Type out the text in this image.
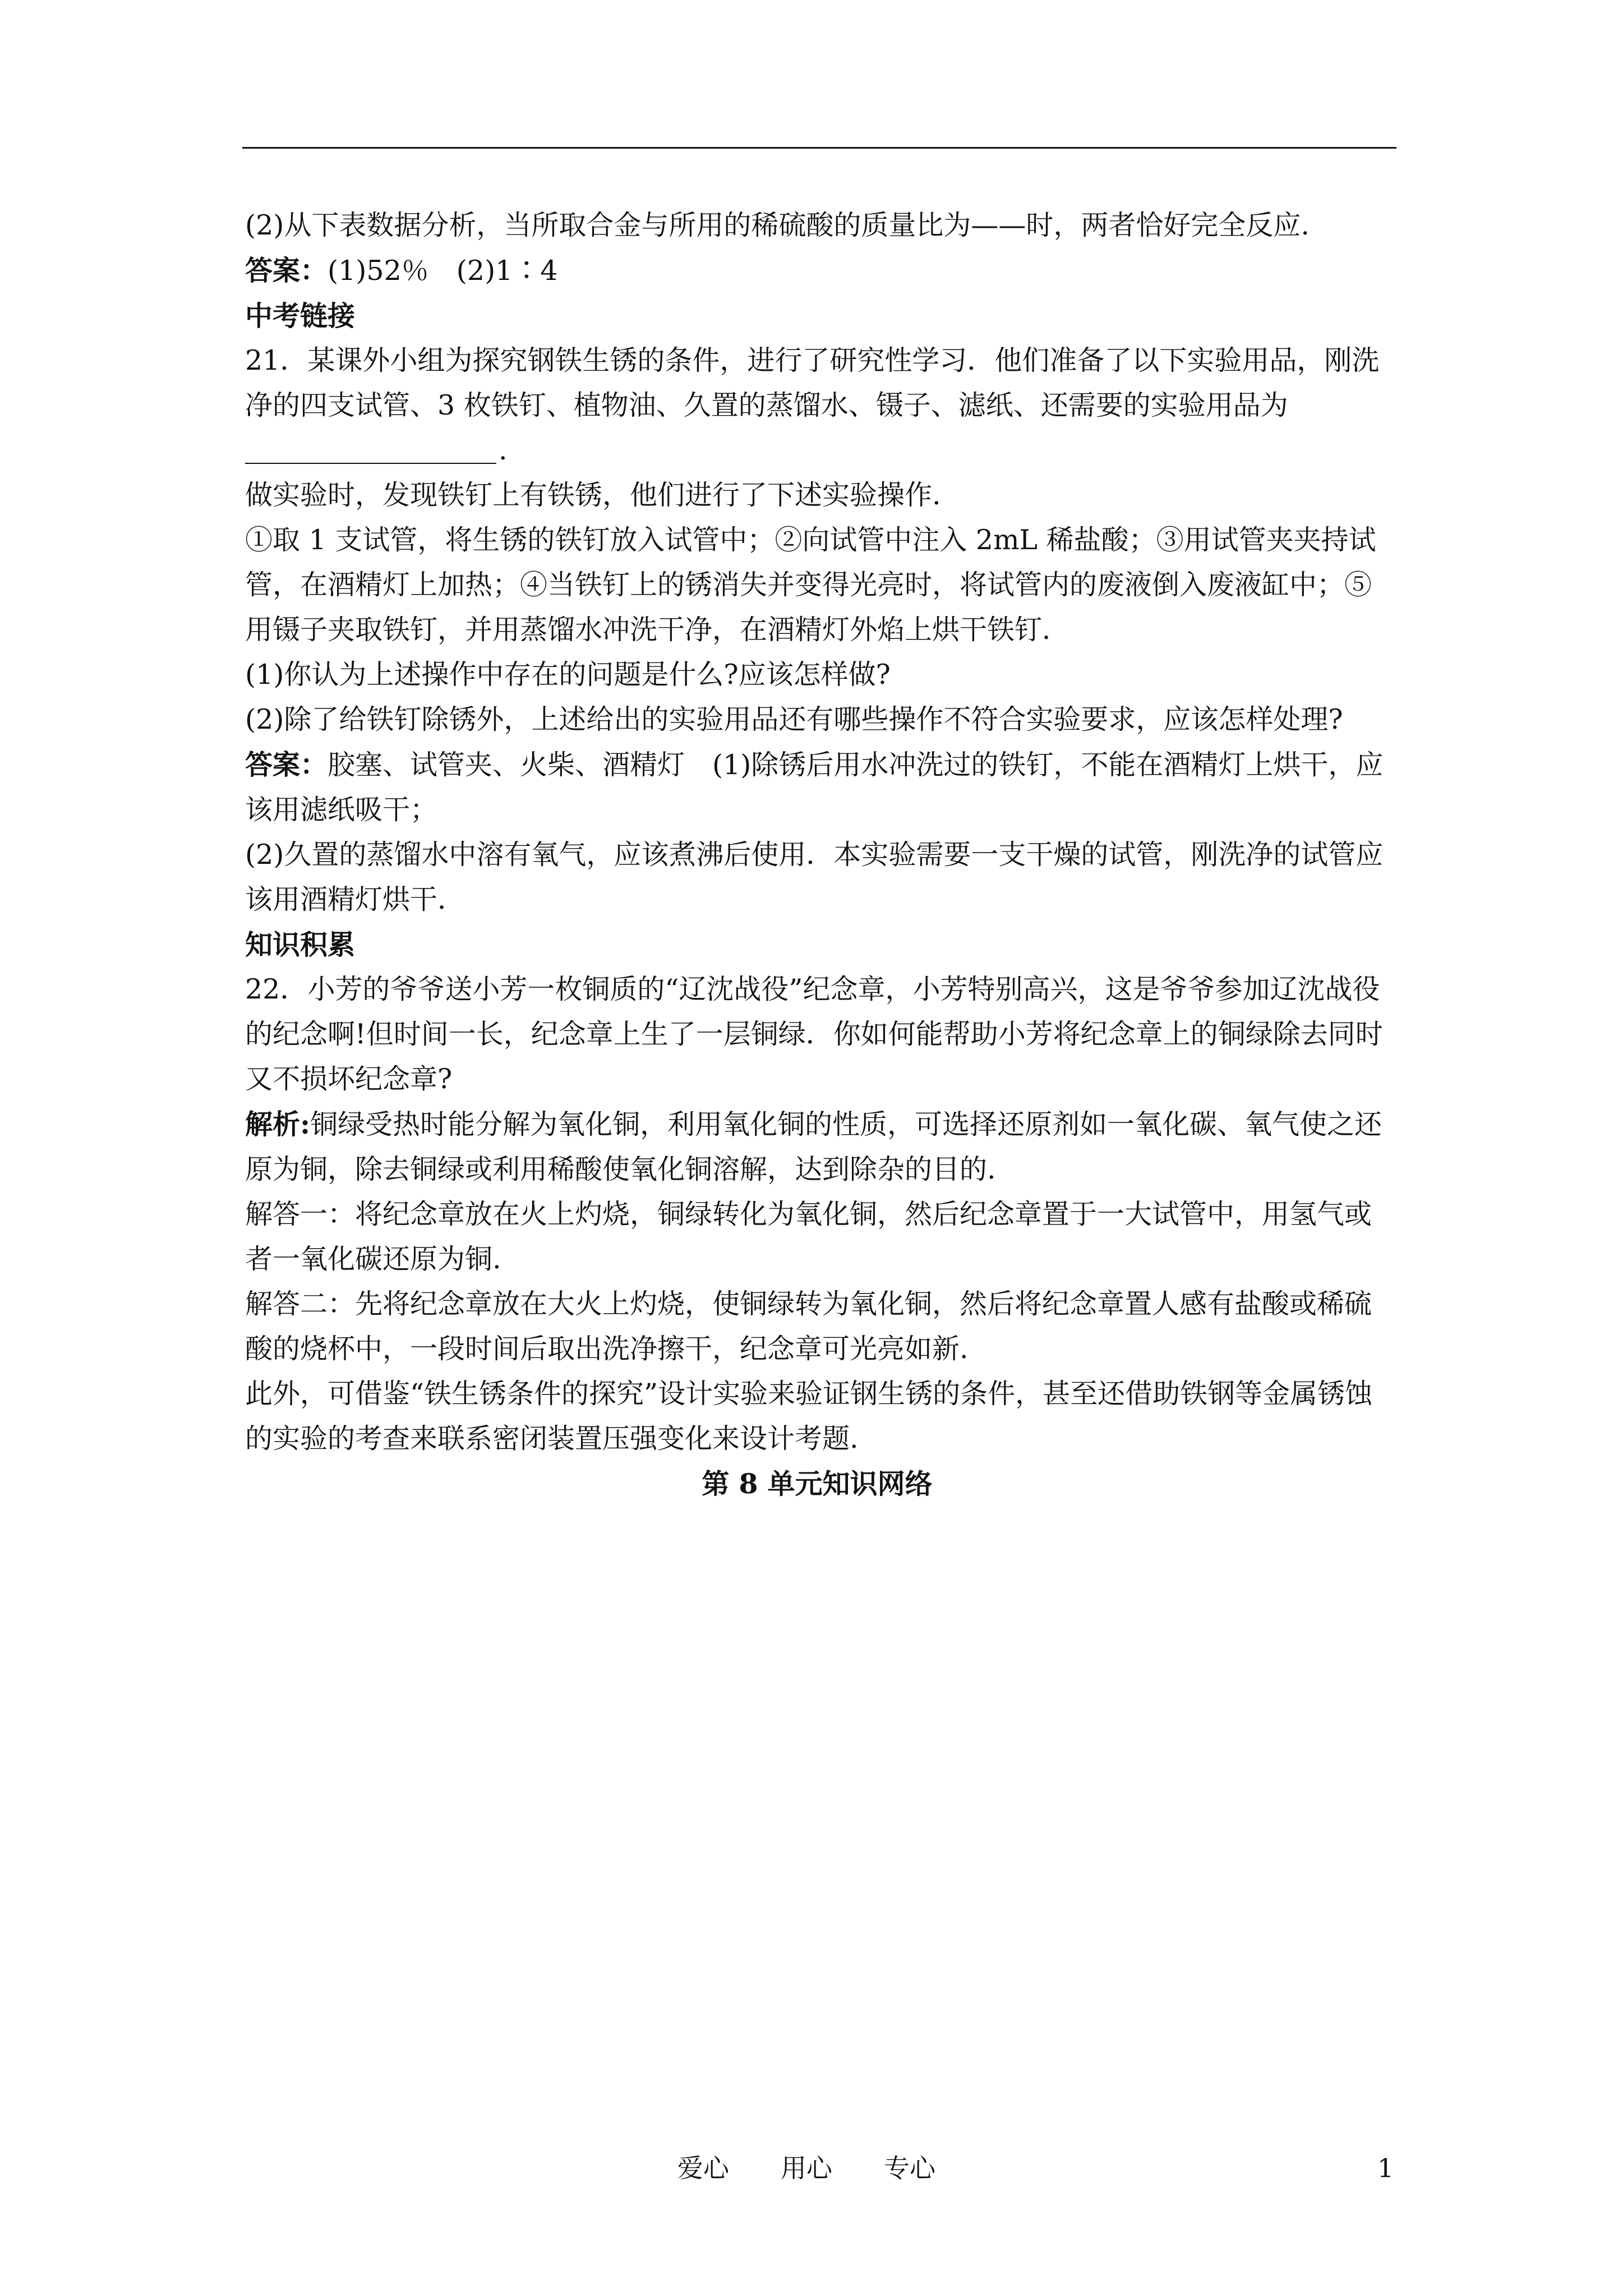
(2)从下表数据分析，当所取合金与所用的稀硫酸的质量比为——时，两者恰好完全反应.

答案：(1)52％　(2)1∶4

中考链接

21．某课外小组为探究钢铁生锈的条件，进行了研究性学习．他们准备了以下实验用品，刚洗净的四支试管、3 枚铁钉、植物油、久置的蒸馏水、镊子、滤纸、还需要的实验用品为

.

做实验时，发现铁钉上有铁锈，他们进行了下述实验操作.

①取 1 支试管，将生锈的铁钉放入试管中；②向试管中注入 2mL 稀盐酸；③用试管夹夹持试管，在酒精灯上加热；④当铁钉上的锈消失并变得光亮时，将试管内的废液倒入废液缸中；⑤用镊子夹取铁钉，并用蒸馏水冲洗干净，在酒精灯外焰上烘干铁钉．

(1)你认为上述操作中存在的问题是什么?应该怎样做?

(2)除了给铁钉除锈外，上述给出的实验用品还有哪些操作不符合实验要求，应该怎样处理?

答案：胶塞、试管夹、火柴、酒精灯　(1)除锈后用水冲洗过的铁钉，不能在酒精灯上烘干，应该用滤纸吸干；

(2)久置的蒸馏水中溶有氧气，应该煮沸后使用．本实验需要一支干燥的试管，刚洗净的试管应该用酒精灯烘干．

知识积累

22．小芳的爷爷送小芳一枚铜质的“辽沈战役”纪念章，小芳特别高兴，这是爷爷参加辽沈战役的纪念啊!但时间一长，纪念章上生了一层铜绿．你如何能帮助小芳将纪念章上的铜绿除去同时又不损坏纪念章?

解析:铜绿受热时能分解为氧化铜，利用氧化铜的性质，可选择还原剂如一氧化碳、氧气使之还原为铜，除去铜绿或利用稀酸使氧化铜溶解，达到除杂的目的.

解答一：将纪念章放在火上灼烧，铜绿转化为氧化铜，然后纪念章置于一大试管中，用氢气或者一氧化碳还原为铜.

解答二：先将纪念章放在大火上灼烧，使铜绿转为氧化铜，然后将纪念章置人感有盐酸或稀硫酸的烧杯中，一段时间后取出洗净擦干，纪念章可光亮如新.

此外，可借鉴“铁生锈条件的探究”设计实验来验证钢生锈的条件，甚至还借助铁钢等金属锈蚀的实验的考查来联系密闭装置压强变化来设计考题.

第 8 单元知识网络

爱心　　用心　　专心	1
